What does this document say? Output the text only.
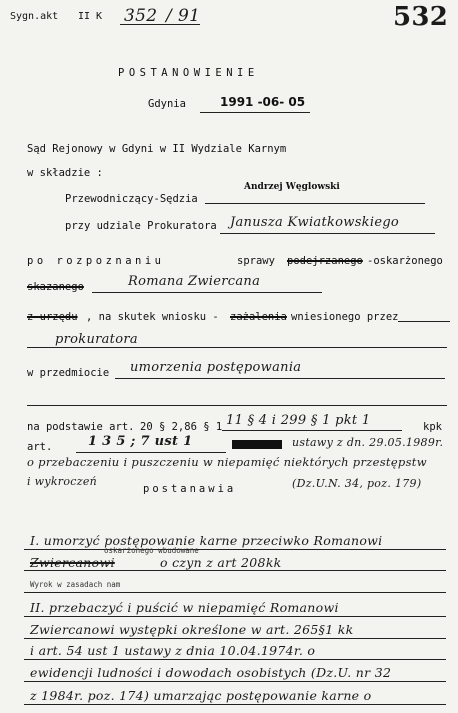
Sygn.akt II K 352 / 91	532
POSTANOWIENIE
Gdynia	1991 -06- 05
Sąd Rejonowy w Gdyni w II Wydziale Karnym
w składzie :
Przewodniczący-Sędzia
Andrzej Węglowski
przy udziale Prokuratora Janusza Kwiatkowskiego
po rozpoznaniu	sprawy podejrzanego -oskarżonego
skazanego	Romana Zwiercana
z urzędu , na skutek wniosku - zażalenia wniesionego przez
prokuratora
w przedmiocie umorzenia postępowania
na podstawie art. 20 § 2,86 § 1 11 § 4 i 299 § 1 pkt 1	kpk
art.	1 3 5 ; 7 ust 1	ustawy z dn. 29.05.1989r.
o przebaczeniu i puszczeniu w niepamięć niektórych przestępstw
i wykroczeń
postanawia	(Dz.U.N. 34, poz. 179)
I. umorzyć postępowanie karne przeciwko Romanowi
oskarżonego wbudowane
Zwiercanowi	o czyn z art 208kk
Wyrok w zasadach nam
II. przebaczyć i puścić w niepamięć Romanowi
Zwiercanowi występki określone w art. 265§1 kk
i art. 54 ust 1 ustawy z dnia 10.04.1974r. o
ewidencji ludności i dowodach osobistych (Dz.U. nr 32
z 1984r. poz. 174) umarzając postępowanie karne o
